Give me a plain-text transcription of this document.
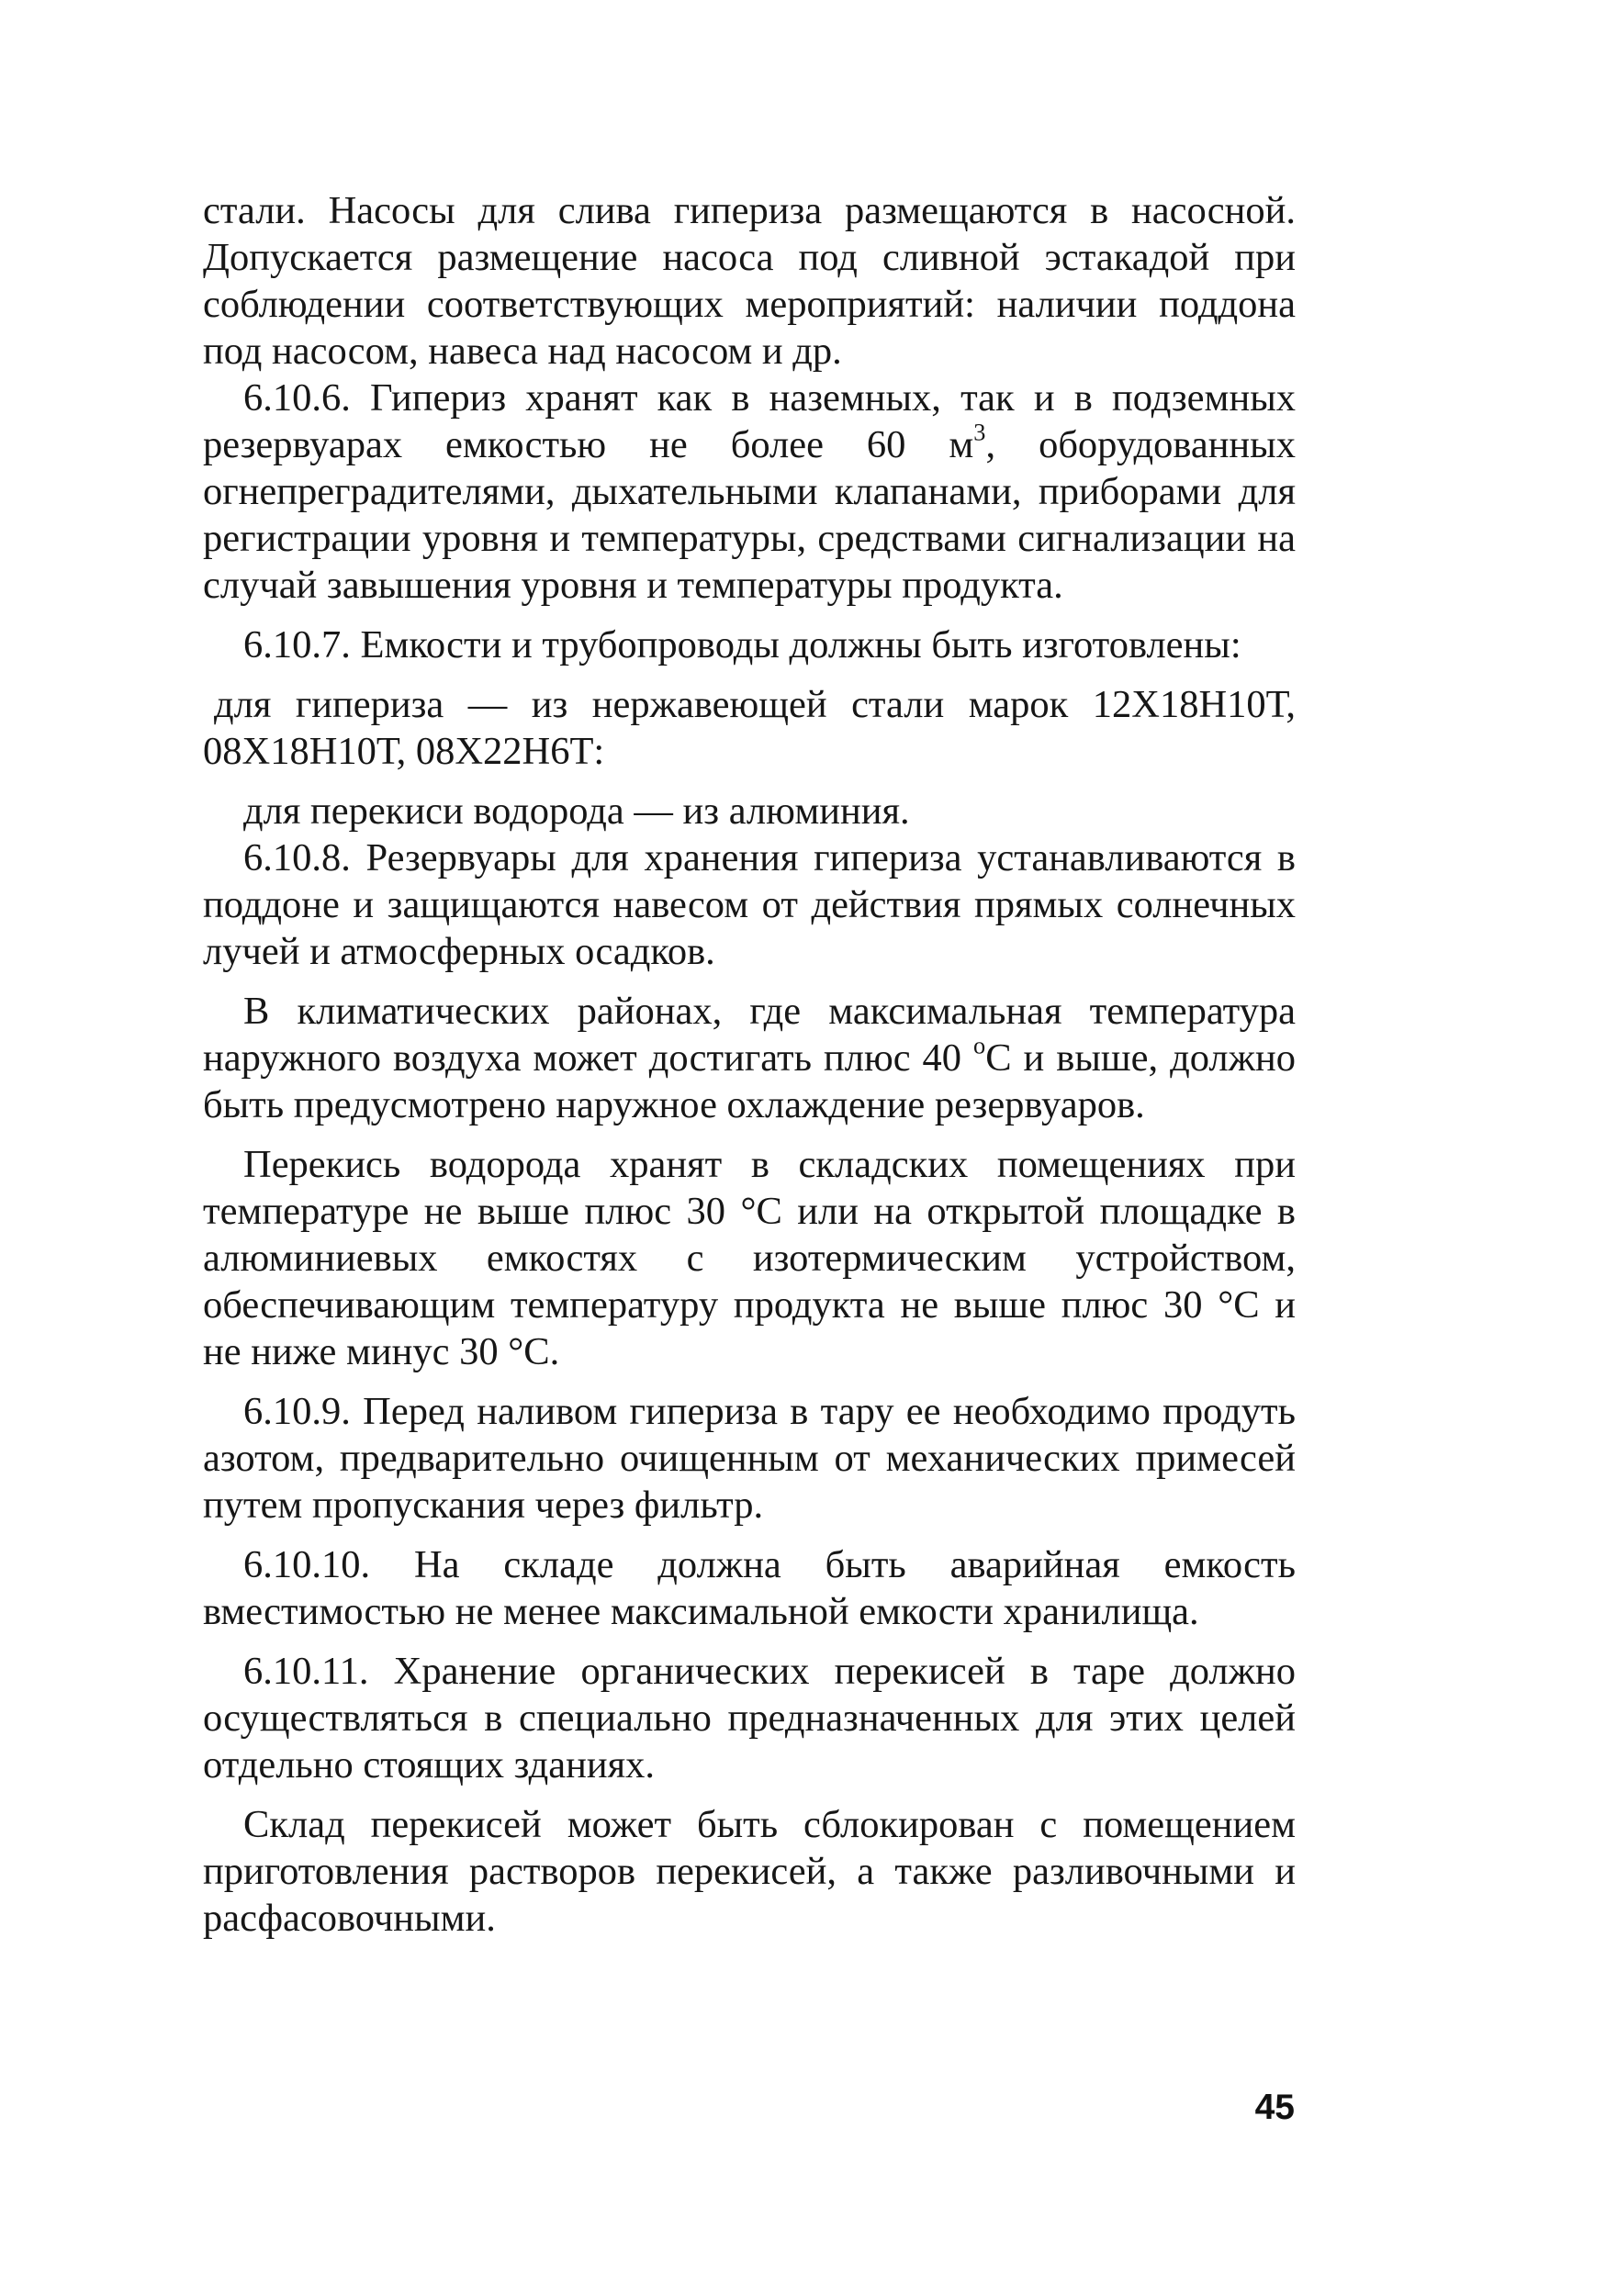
стали. Насосы для слива гипериза размещаются в насосной. Допускается размещение насоса под сливной эстакадой при соблюдении соответствующих мероприятий: наличии поддона под насосом, навеса над насосом и др.

6.10.6. Гипериз хранят как в наземных, так и в подземных резервуарах емкостью не более 60 $м^3$, оборудованных огнепреградителями, дыхательными клапанами, приборами для регистрации уровня и температуры, средствами сигнализации на случай завышения уровня и температуры продукта.

6.10.7. Емкости и трубопроводы должны быть изготовлены:

для гипериза — из нержавеющей стали марок 12Х18Н10Т, 08Х18Н10Т, 08Х22Н6Т:

для перекиси водорода — из алюминия.

6.10.8. Резервуары для хранения гипериза устанавливаются в поддоне и защищаются навесом от действия прямых солнечных лучей и атмосферных осадков.

В климатических районах, где максимальная температура наружного воздуха может достигать плюс 40 $^о$С и выше, должно быть предусмотрено наружное охлаждение резервуаров.

Перекись водорода хранят в складских помещениях при температуре не выше плюс 30 °С или на открытой площадке в алюминиевых емкостях с изотермическим устройством, обеспечивающим температуру продукта не выше плюс 30 °С и не ниже минус 30 °С.

6.10.9. Перед наливом гипериза в тару ее необходимо продуть азотом, предварительно очищенным от механических примесей путем пропускания через фильтр.

6.10.10. На складе должна быть аварийная емкость вместимостью не менее максимальной емкости хранилища.

6.10.11. Хранение органических перекисей в таре должно осуществляться в специально предназначенных для этих целей отдельно стоящих зданиях.

Склад перекисей может быть сблокирован с помещением приготовления растворов перекисей, а также разливочными и расфасовочными.

45
